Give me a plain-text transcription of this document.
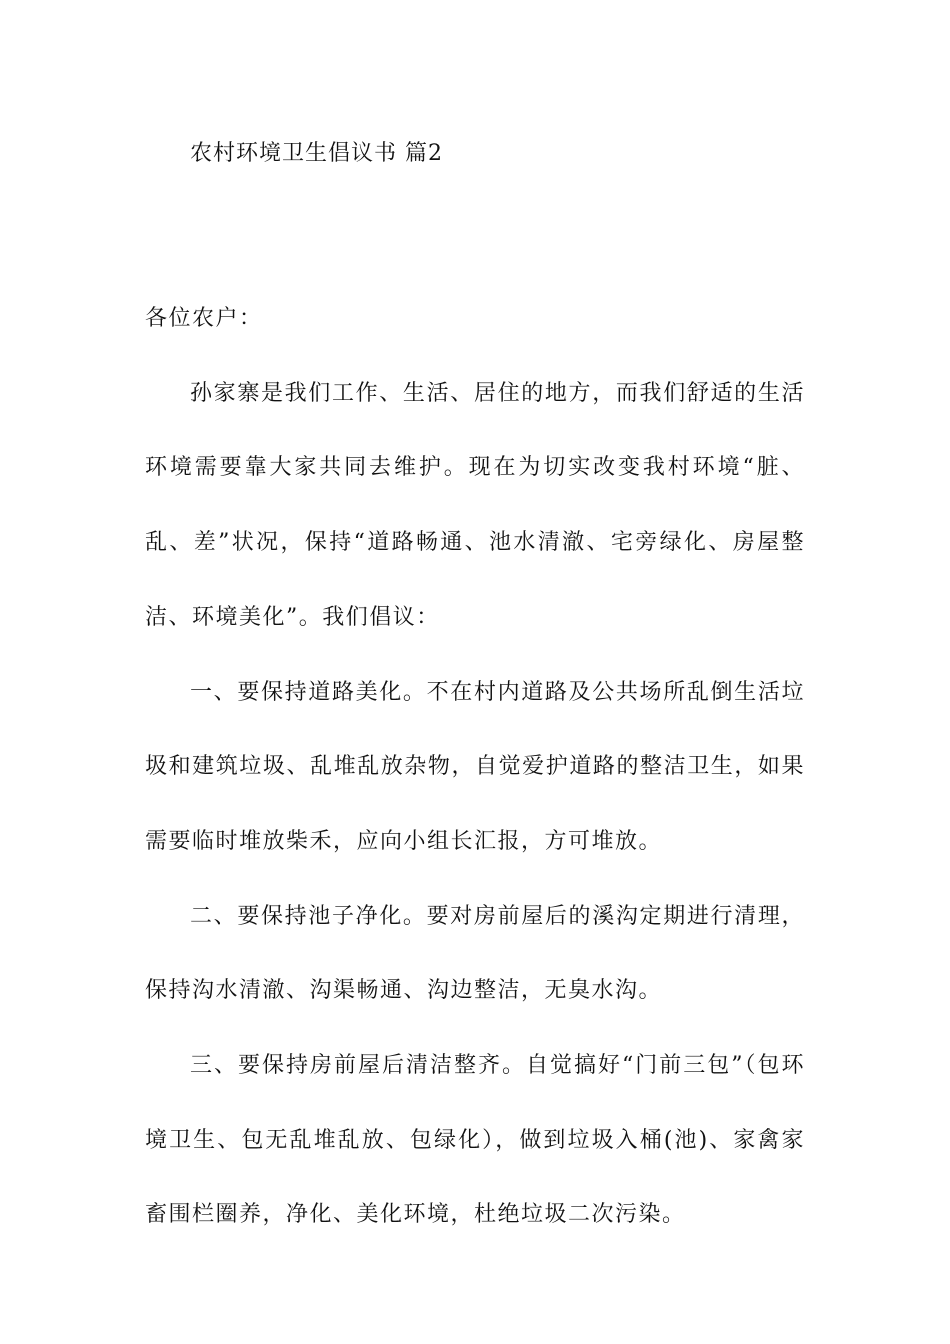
农村环境卫生倡议书 篇2

各位农户：

孙家寨是我们工作、生活、居住的地方，而我们舒适的生活环境需要靠大家共同去维护。现在为切实改变我村环境“脏、乱、差”状况，保持“道路畅通、池水清澈、宅旁绿化、房屋整洁、环境美化”。我们倡议：

一、要保持道路美化。不在村内道路及公共场所乱倒生活垃圾和建筑垃圾、乱堆乱放杂物，自觉爱护道路的整洁卫生，如果需要临时堆放柴禾，应向小组长汇报，方可堆放。

二、要保持池子净化。要对房前屋后的溪沟定期进行清理，保持沟水清澈、沟渠畅通、沟边整洁，无臭水沟。

三、要保持房前屋后清洁整齐。自觉搞好“门前三包”（包环境卫生、包无乱堆乱放、包绿化），做到垃圾入桶(池)、家禽家畜围栏圈养，净化、美化环境，杜绝垃圾二次污染。
